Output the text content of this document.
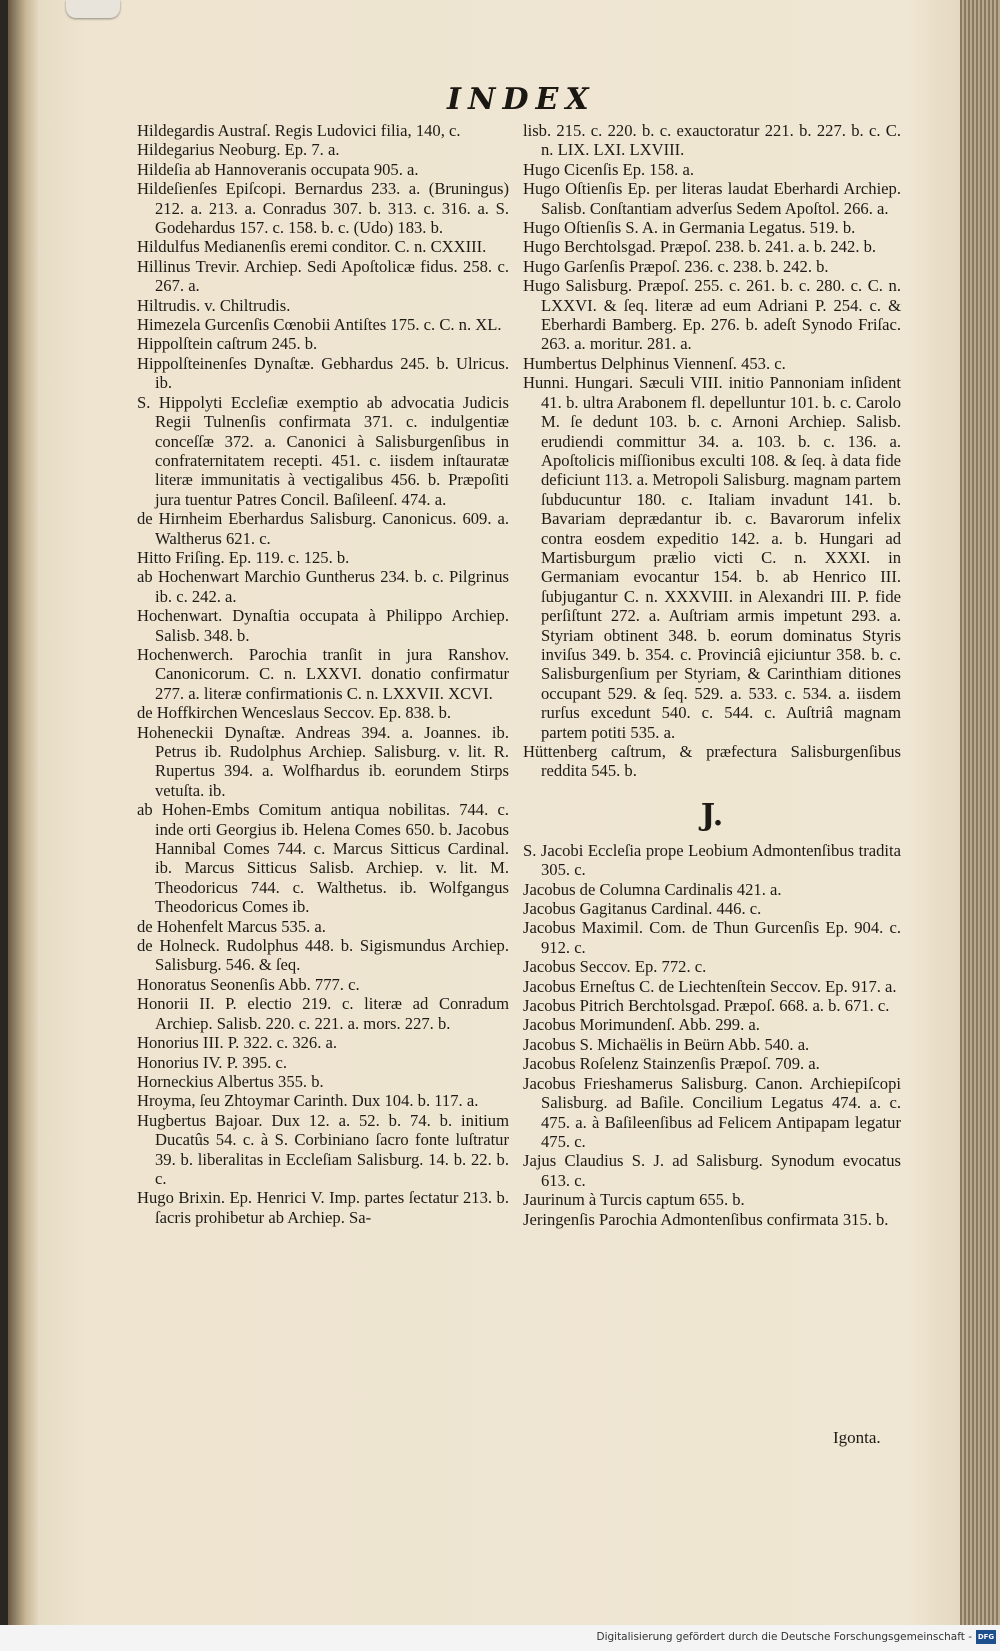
INDEX

Hildegardis Austraſ. Regis Ludovici filia, 140, c.

Hildegarius Neoburg. Ep. 7. a.

Hildeſia ab Hannoveranis occupata 905. a.

Hildeſienſes Epiſcopi. Bernardus 233. a. (Bruningus) 212. a. 213. a. Conradus 307. b. 313. c. 316. a. S. Godehardus 157. c. 158. b. c. (Udo) 183. b.

Hildulfus Medianenſis eremi conditor. C. n. CXXIII.

Hillinus Trevir. Archiep. Sedi Apoſtolicæ fidus. 258. c. 267. a.

Hiltrudis. v. Chiltrudis.

Himezela Gurcenſis Cœnobii Antiſtes 175. c. C. n. XL.

Hippolſtein caſtrum 245. b.

Hippolſteinenſes Dynaſtæ. Gebhardus 245. b. Ulricus. ib.

S. Hippolyti Eccleſiæ exemptio ab advocatia Judicis Regii Tulnenſis confirmata 371. c. indulgentiæ conceſſæ 372. a. Canonici à Salisburgenſibus in confraternitatem recepti. 451. c. iisdem inſtauratæ literæ immunitatis à vectigalibus 456. b. Præpoſiti jura tuentur Patres Concil. Baſileenſ. 474. a.

de Hirnheim Eberhardus Salisburg. Canonicus. 609. a. Waltherus 621. c.

Hitto Friſing. Ep. 119. c. 125. b.

ab Hochenwart Marchio Guntherus 234. b. c. Pilgrinus ib. c. 242. a.

Hochenwart. Dynaſtia occupata à Philippo Archiep. Salisb. 348. b.

Hochenwerch. Parochia tranſit in jura Ranshov. Canonicorum. C. n. LXXVI. donatio confirmatur 277. a. literæ confirmationis C. n. LXXVII. XCVI.

de Hoffkirchen Wenceslaus Seccov. Ep. 838. b.

Hoheneckii Dynaſtæ. Andreas 394. a. Joannes. ib. Petrus ib. Rudolphus Archiep. Salisburg. v. lit. R. Rupertus 394. a. Wolfhardus ib. eorundem Stirps vetuſta. ib.

ab Hohen-Embs Comitum antiqua nobilitas. 744. c. inde orti Georgius ib. Helena Comes 650. b. Jacobus Hannibal Comes 744. c. Marcus Sitticus Cardinal. ib. Marcus Sitticus Salisb. Archiep. v. lit. M. Theodoricus 744. c. Walthetus. ib. Wolfgangus Theodoricus Comes ib.

de Hohenfelt Marcus 535. a.

de Holneck. Rudolphus 448. b. Sigismundus Archiep. Salisburg. 546. & ſeq.

Honoratus Seonenſis Abb. 777. c.

Honorii II. P. electio 219. c. literæ ad Conradum Archiep. Salisb. 220. c. 221. a. mors. 227. b.

Honorius III. P. 322. c. 326. a.

Honorius IV. P. 395. c.

Horneckius Albertus 355. b.

Hroyma, ſeu Zhtoymar Carinth. Dux 104. b. 117. a.

Hugbertus Bajoar. Dux 12. a. 52. b. 74. b. initium Ducatûs 54. c. à S. Corbiniano ſacro fonte luſtratur 39. b. liberalitas in Eccleſiam Salisburg. 14. b. 22. b. c.

Hugo Brixin. Ep. Henrici V. Imp. partes ſectatur 213. b. ſacris prohibetur ab Archiep. Sa-

lisb. 215. c. 220. b. c. exauctoratur 221. b. 227. b. c. C. n. LIX. LXI. LXVIII.

Hugo Cicenſis Ep. 158. a.

Hugo Oſtienſis Ep. per literas laudat Eberhardi Archiep. Salisb. Conſtantiam adverſus Sedem Apoſtol. 266. a.

Hugo Oſtienſis S. A. in Germania Legatus. 519. b.

Hugo Berchtolsgad. Præpoſ. 238. b. 241. a. b. 242. b.

Hugo Garſenſis Præpoſ. 236. c. 238. b. 242. b.

Hugo Salisburg. Præpoſ. 255. c. 261. b. c. 280. c. C. n. LXXVI. & ſeq. literæ ad eum Adriani P. 254. c. & Eberhardi Bamberg. Ep. 276. b. adeſt Synodo Friſac. 263. a. moritur. 281. a.

Humbertus Delphinus Viennenſ. 453. c.

Hunni. Hungari. Sæculi VIII. initio Pannoniam inſident 41. b. ultra Arabonem fl. depelluntur 101. b. c. Carolo M. ſe dedunt 103. b. c. Arnoni Archiep. Salisb. erudiendi committur 34. a. 103. b. c. 136. a. Apoſtolicis miſſionibus exculti 108. & ſeq. à data fide deficiunt 113. a. Metropoli Salisburg. magnam partem ſubducuntur 180. c. Italiam invadunt 141. b. Bavariam deprædantur ib. c. Bavarorum infelix contra eosdem expeditio 142. a. b. Hungari ad Martisburgum prælio victi C. n. XXXI. in Germaniam evocantur 154. b. ab Henrico III. ſubjugantur C. n. XXXVIII. in Alexandri III. P. fide perſiſtunt 272. a. Auſtriam armis impetunt 293. a. Styriam obtinent 348. b. eorum dominatus Styris inviſus 349. b. 354. c. Provinciâ ejiciuntur 358. b. c. Salisburgenſium per Styriam, & Carinthiam ditiones occupant 529. & ſeq. 529. a. 533. c. 534. a. iisdem rurſus excedunt 540. c. 544. c. Auſtriâ magnam partem potiti 535. a.

Hüttenberg caſtrum, & præfectura Salisburgenſibus reddita 545. b.

J.

S. Jacobi Eccleſia prope Leobium Admontenſibus tradita 305. c.

Jacobus de Columna Cardinalis 421. a.

Jacobus Gagitanus Cardinal. 446. c.

Jacobus Maximil. Com. de Thun Gurcenſis Ep. 904. c. 912. c.

Jacobus Seccov. Ep. 772. c.

Jacobus Erneſtus C. de Liechtenſtein Seccov. Ep. 917. a.

Jacobus Pitrich Berchtolsgad. Præpoſ. 668. a. b. 671. c.

Jacobus Morimundenſ. Abb. 299. a.

Jacobus S. Michaëlis in Beürn Abb. 540. a.

Jacobus Roſelenz Stainzenſis Præpoſ. 709. a.

Jacobus Frieshamerus Salisburg. Canon. Archiepiſcopi Salisburg. ad Baſile. Concilium Legatus 474. a. c. 475. a. à Baſileenſibus ad Felicem Antipapam legatur 475. c.

Jajus Claudius S. J. ad Salisburg. Synodum evocatus 613. c.

Jaurinum à Turcis captum 655. b.

Jeringenſis Parochia Admontenſibus confirmata 315. b.

Igonta.
Digitalisierung gefördert durch die Deutsche Forschungsgemeinschaft - DFG
